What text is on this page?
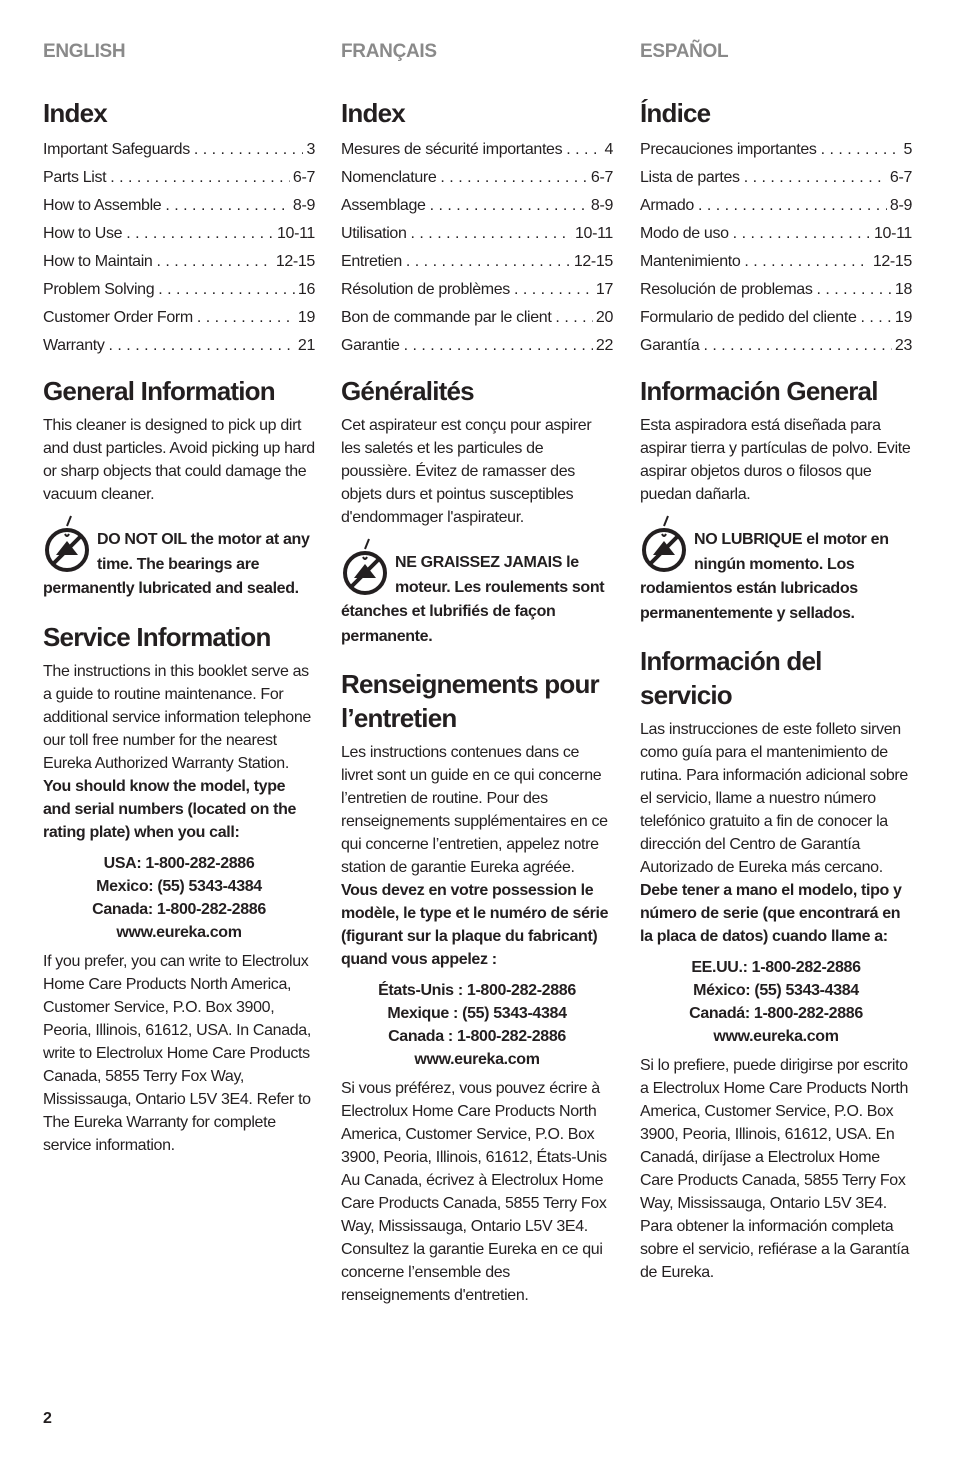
ENGLISH
Index
Important Safeguards . . .	3
Parts List . . .	6-7
How to Assemble . . .	8-9
How to Use . . .	10-11
How to Maintain . . .	12-15
Problem Solving . . .	16
Customer Order Form . . .	19
Warranty . . .	21
General Information

This cleaner is designed to pick up dirt and dust particles. Avoid picking up hard or sharp objects that could damage the vacuum cleaner.

DO NOT OIL the motor at any time. The bearings are permanently lubricated and sealed.

Service Information

The instructions in this booklet serve as a guide to routine maintenance. For additional service information telephone our toll free number for the nearest Eureka Authorized Warranty Station. You should know the model, type and serial numbers (located on the rating plate) when you call:

USA: 1-800-282-2886
Mexico: (55) 5343-4384
Canada: 1-800-282-2886
www.eureka.com

If you prefer, you can write to Electrolux Home Care Products North America, Customer Service, P.O. Box 3900, Peoria, Illinois, 61612, USA. In Canada, write to Electrolux Home Care Products Canada, 5855 Terry Fox Way, Mississauga, Ontario L5V 3E4. Refer to The Eureka Warranty for complete service information.

FRANÇAIS
Index
Mesures de sécurité importantes . . .	4
Nomenclature . . .	6-7
Assemblage . . .	8-9
Utilisation . . .	10-11
Entretien . . .	12-15
Résolution de problèmes . . .	17
Bon de commande par le client . . .	20
Garantie . . .	22
Généralités

Cet aspirateur est conçu pour aspirer les saletés et les particules de poussière. Évitez de ramasser des objets durs et pointus susceptibles d'endommager l'aspirateur.

NE GRAISSEZ JAMAIS le moteur. Les roulements sont étanches et lubrifiés de façon permanente.

Renseignements pour l’entretien

Les instructions contenues dans ce livret sont un guide en ce qui concerne l’entretien de routine. Pour des renseignements supplémentaires en ce qui concerne l’entretien, appelez notre station de garantie Eureka agréée. Vous devez en votre possession le modèle, le type et le numéro de série (figurant sur la plaque du fabricant) quand vous appelez :

États-Unis : 1-800-282-2886
Mexique : (55) 5343-4384
Canada : 1-800-282-2886
www.eureka.com

Si vous préférez, vous pouvez écrire à Electrolux Home Care Products North America, Customer Service, P.O. Box 3900, Peoria, Illinois, 61612, États-Unis Au Canada, écrivez à Electrolux Home Care Products Canada, 5855 Terry Fox Way, Mississauga, Ontario L5V 3E4. Consultez la garantie Eureka en ce qui concerne l’ensemble des renseignements d'entretien.

ESPAÑOL
Índice
Precauciones importantes . . .	5
Lista de partes . . .	6-7
Armado . . .	8-9
Modo de uso . . .	10-11
Mantenimiento . . .	12-15
Resolución de problemas . . .	18
Formulario de pedido del cliente . . . 19
Garantía . . .	23
Información General

Esta aspiradora está diseñada para aspirar tierra y partículas de polvo. Evite aspirar objetos duros o filosos que puedan dañarla.

NO LUBRIQUE el motor en ningún momento. Los rodamientos están lubricados permanentemente y sellados.

Información del servicio

Las instrucciones de este folleto sirven como guía para el mantenimiento de rutina. Para información adicional sobre el servicio, llame a nuestro número telefónico gratuito a fin de conocer la dirección del Centro de Garantía Autorizado de Eureka más cercano. Debe tener a mano el modelo, tipo y número de serie (que encontrará en la placa de datos) cuando llame a:

EE.UU.: 1-800-282-2886
México: (55) 5343-4384
Canadá: 1-800-282-2886
www.eureka.com

Si lo prefiere, puede dirigirse por escrito a Electrolux Home Care Products North America, Customer Service, P.O. Box 3900, Peoria, Illinois, 61612, USA. En Canadá, diríjase a Electrolux Home Care Products Canada, 5855 Terry Fox Way, Mississauga, Ontario L5V 3E4. Para obtener la información completa sobre el servicio, refiérase a la Garantía de Eureka.

2
